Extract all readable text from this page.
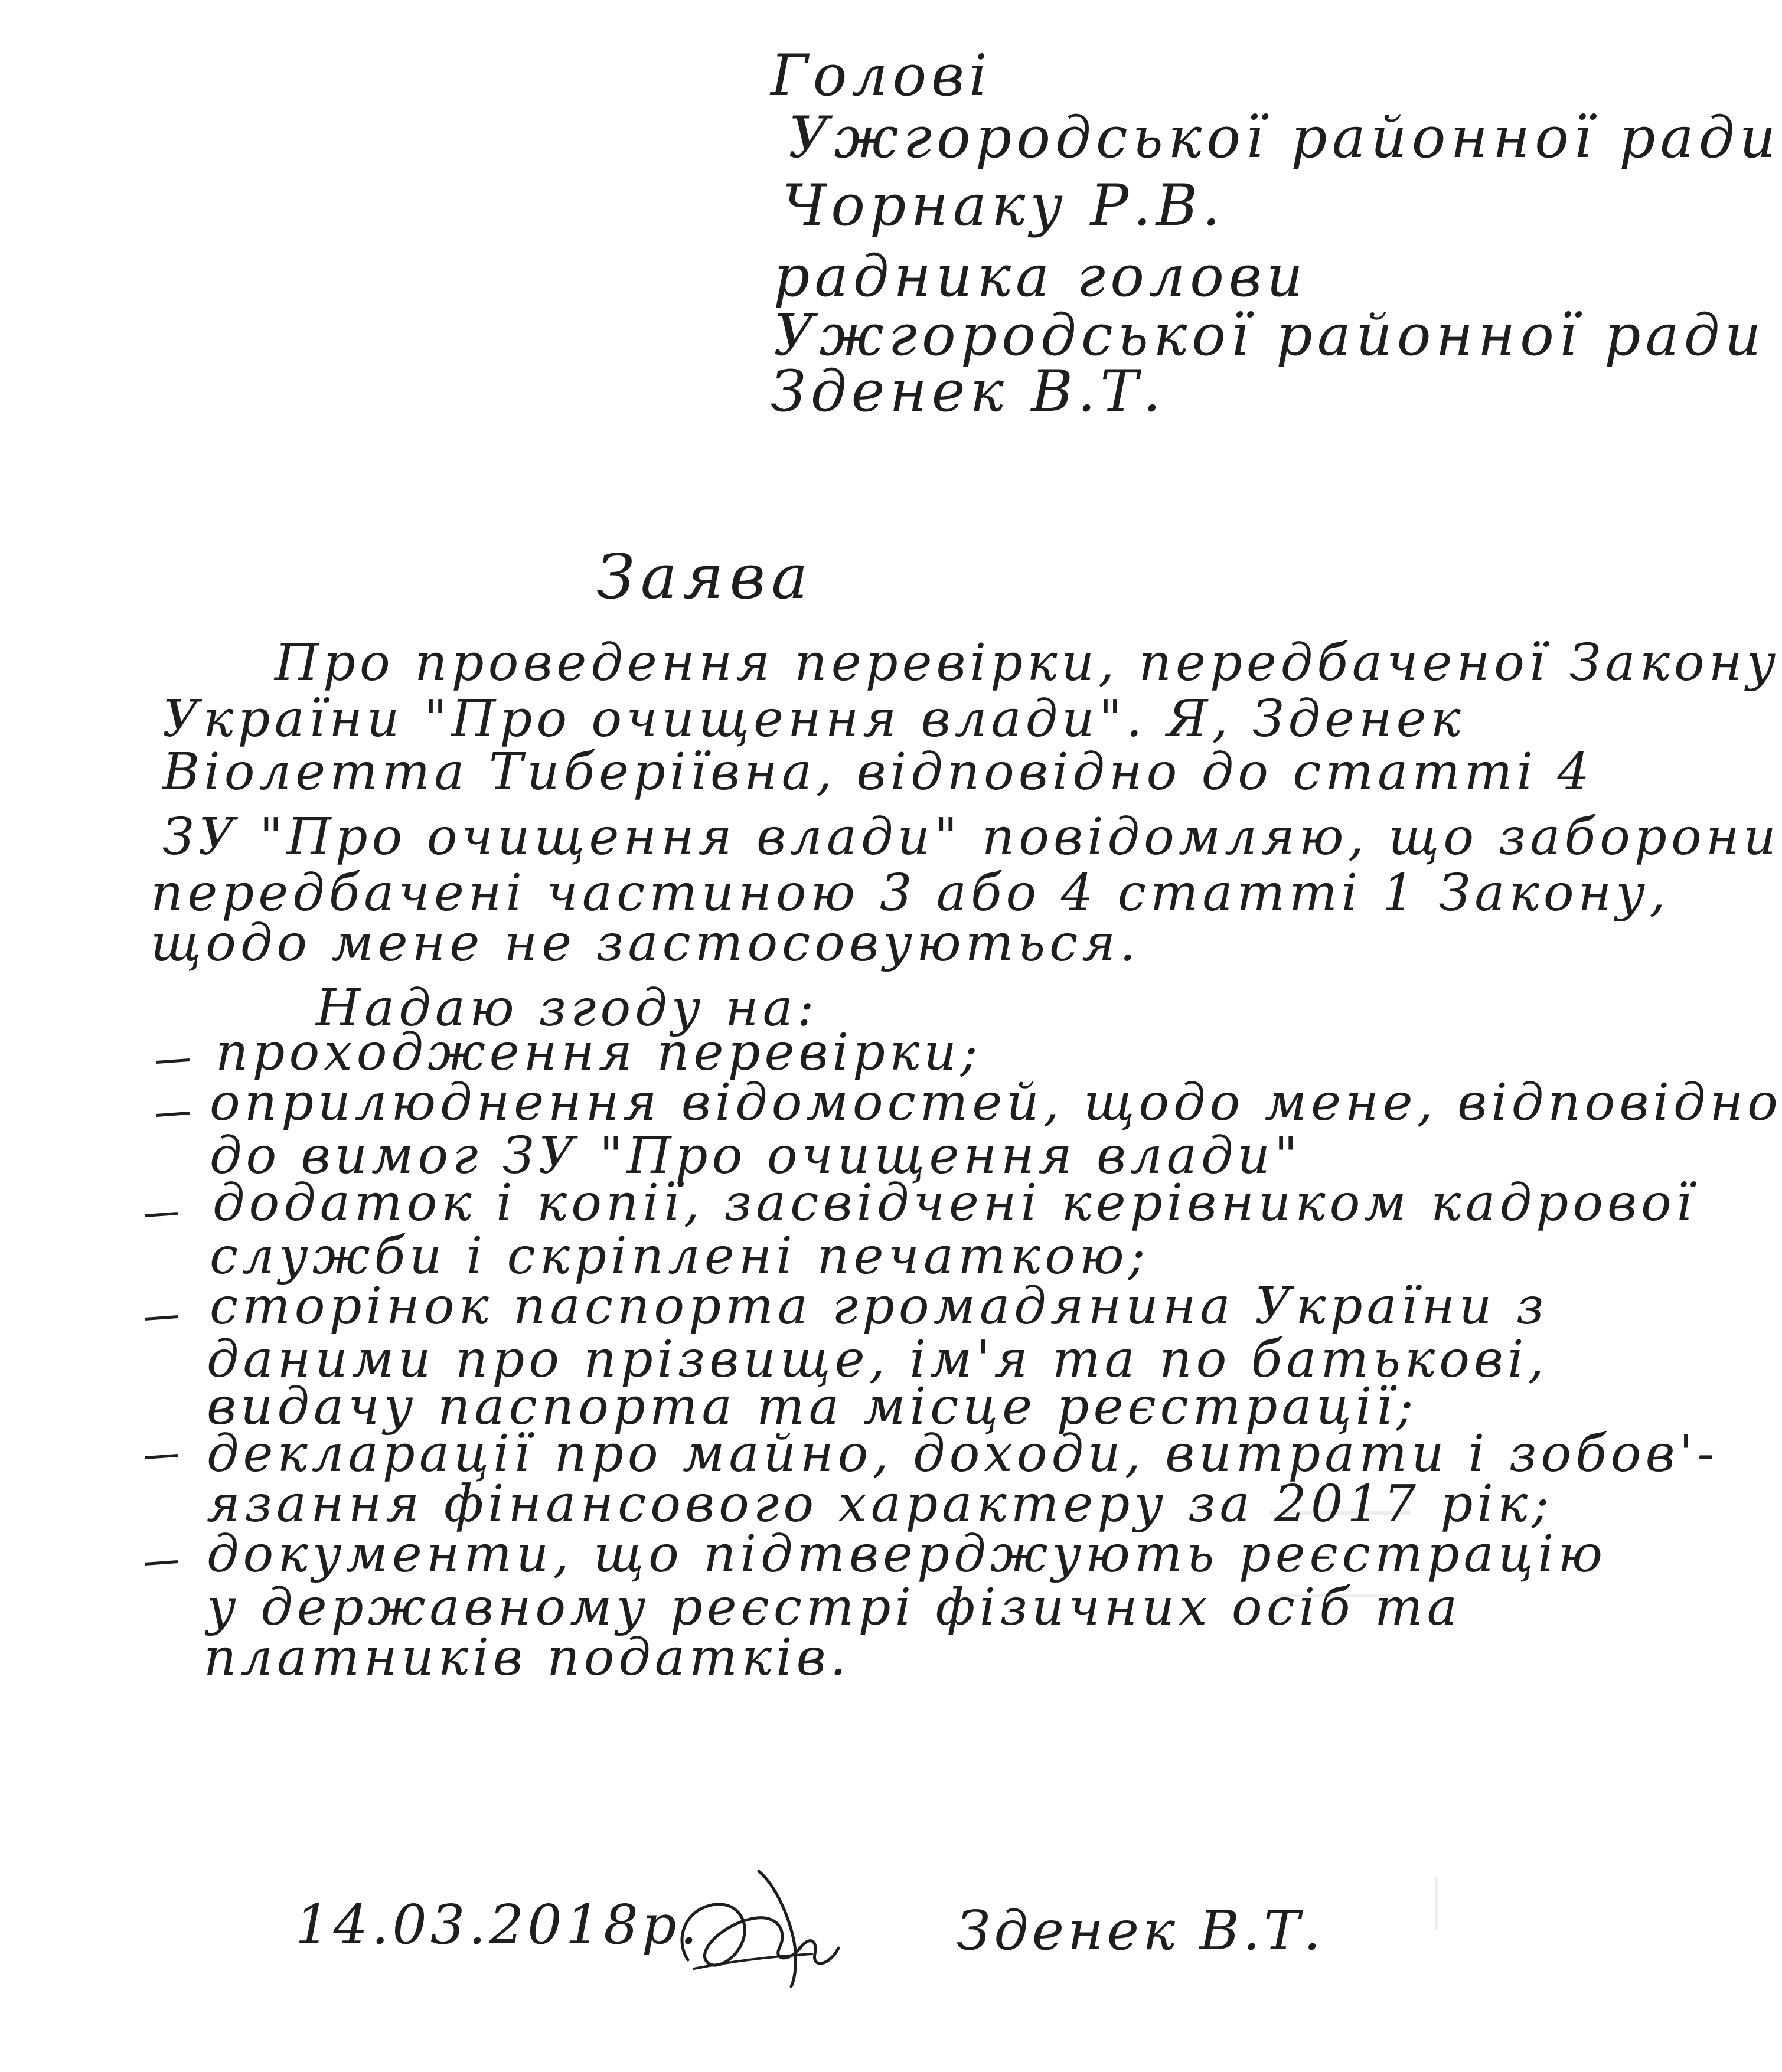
Голові
Ужгородської районної ради
Чорнаку Р.В.
радника голови
Ужгородської районної ради
Зденек В.Т.
Заява
Про проведення перевірки, передбаченої Закону
України "Про очищення влади". Я, Зденек
Віолетта Тиберіївна, відповідно до статті 4
ЗУ "Про очищення влади" повідомляю, що заборони
передбачені частиною 3 або 4 статті 1 Закону,
щодо мене не застосовуються.
Надаю згоду на:
проходження перевірки;
оприлюднення відомостей, щодо мене, відповідно
до вимог ЗУ "Про очищення влади"
додаток і копії, засвідчені керівником кадрової
служби і скріплені печаткою;
сторінок паспорта громадянина України з
даними про прізвище, ім'я та по батькові,
видачу паспорта та місце реєстрації;
декларації про майно, доходи, витрати і зобов'-
язання фінансового характеру за 2017 рік;
документи, що підтверджують реєстрацію
у державному реєстрі фізичних осіб та
платників податків.
14.03.2018р.	Зденек В.Т.
